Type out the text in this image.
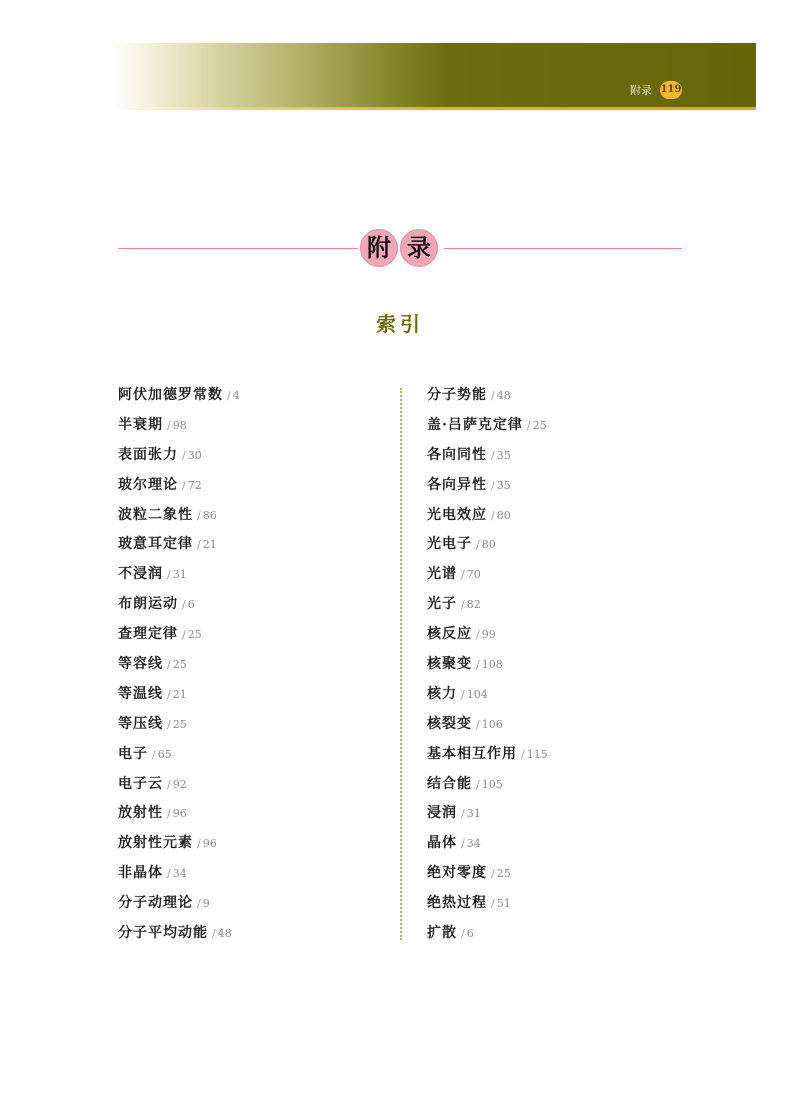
附录 119
附 录
索引
阿伏加德罗常数 / 4
半衰期 / 98
表面张力 / 30
玻尔理论 / 72
波粒二象性 / 86
玻意耳定律 / 21
不浸润 / 31
布朗运动 / 6
查理定律 / 25
等容线 / 25
等温线 / 21
等压线 / 25
电子 / 65
电子云 / 92
放射性 / 96
放射性元素 / 96
非晶体 / 34
分子动理论 / 9
分子平均动能 / 48
分子势能 / 48
盖·吕萨克定律 / 25
各向同性 / 35
各向异性 / 35
光电效应 / 80
光电子 / 80
光谱 / 70
光子 / 82
核反应 / 99
核聚变 / 108
核力 / 104
核裂变 / 106
基本相互作用 / 115
结合能 / 105
浸润 / 31
晶体 / 34
绝对零度 / 25
绝热过程 / 51
扩散 / 6
